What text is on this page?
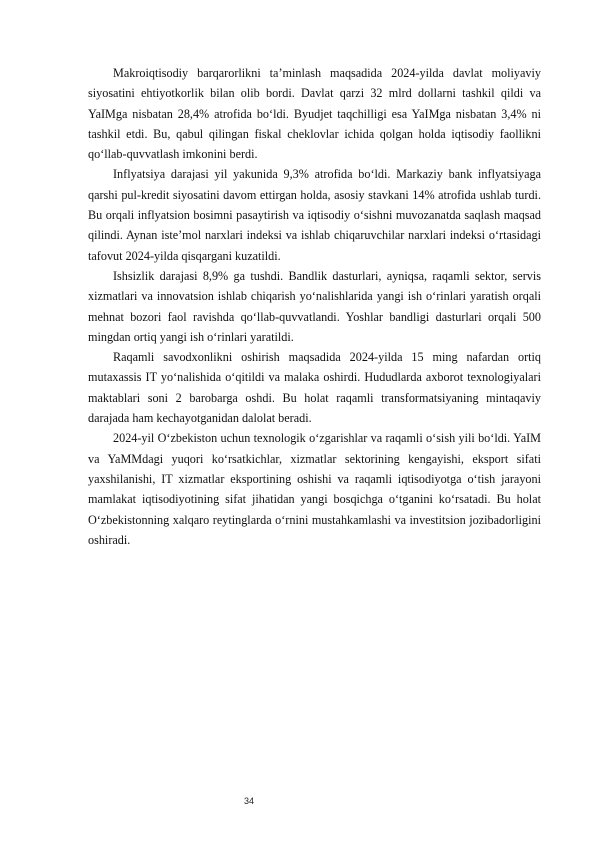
Makroiqtisodiy barqarorlikni ta’minlash maqsadida 2024-yilda davlat moliyaviy siyosatini ehtiyotkorlik bilan olib bordi. Davlat qarzi 32 mlrd dollarni tashkil qildi va YaIMga nisbatan 28,4% atrofida bo‘ldi. Byudjet taqchilligi esa YaIMga nisbatan 3,4% ni tashkil etdi. Bu, qabul qilingan fiskal cheklovlar ichida qolgan holda iqtisodiy faollikni qo‘llab-quvvatlash imkonini berdi.

Inflyatsiya darajasi yil yakunida 9,3% atrofida bo‘ldi. Markaziy bank inflyatsiyaga qarshi pul-kredit siyosatini davom ettirgan holda, asosiy stavkani 14% atrofida ushlab turdi. Bu orqali inflyatsion bosimni pasaytirish va iqtisodiy o‘sishni muvozanatda saqlash maqsad qilindi. Aynan iste’mol narxlari indeksi va ishlab chiqaruvchilar narxlari indeksi o‘rtasidagi tafovut 2024-yilda qisqargani kuzatildi.

Ishsizlik darajasi 8,9% ga tushdi. Bandlik dasturlari, ayniqsa, raqamli sektor, servis xizmatlari va innovatsion ishlab chiqarish yo‘nalishlarida yangi ish o‘rinlari yaratish orqali mehnat bozori faol ravishda qo‘llab-quvvatlandi. Yoshlar bandligi dasturlari orqali 500 mingdan ortiq yangi ish o‘rinlari yaratildi.

Raqamli savodxonlikni oshirish maqsadida 2024-yilda 15 ming nafardan ortiq mutaxassis IT yo‘nalishida o‘qitildi va malaka oshirdi. Hududlarda axborot texnologiyalari maktablari soni 2 barobarga oshdi. Bu holat raqamli transformatsiyaning mintaqaviy darajada ham kechayotganidan dalolat beradi.

2024-yil O‘zbekiston uchun texnologik o‘zgarishlar va raqamli o‘sish yili bo‘ldi. YaIM va YaMMdagi yuqori ko‘rsatkichlar, xizmatlar sektorining kengayishi, eksport sifati yaxshilanishi, IT xizmatlar eksportining oshishi va raqamli iqtisodiyotga o‘tish jarayoni mamlakat iqtisodiyotining sifat jihatidan yangi bosqichga o‘tganini ko‘rsatadi. Bu holat O‘zbekistonning xalqaro reytinglarda o‘rnini mustahkamlashi va investitsion jozibadorligini oshiradi.

34
